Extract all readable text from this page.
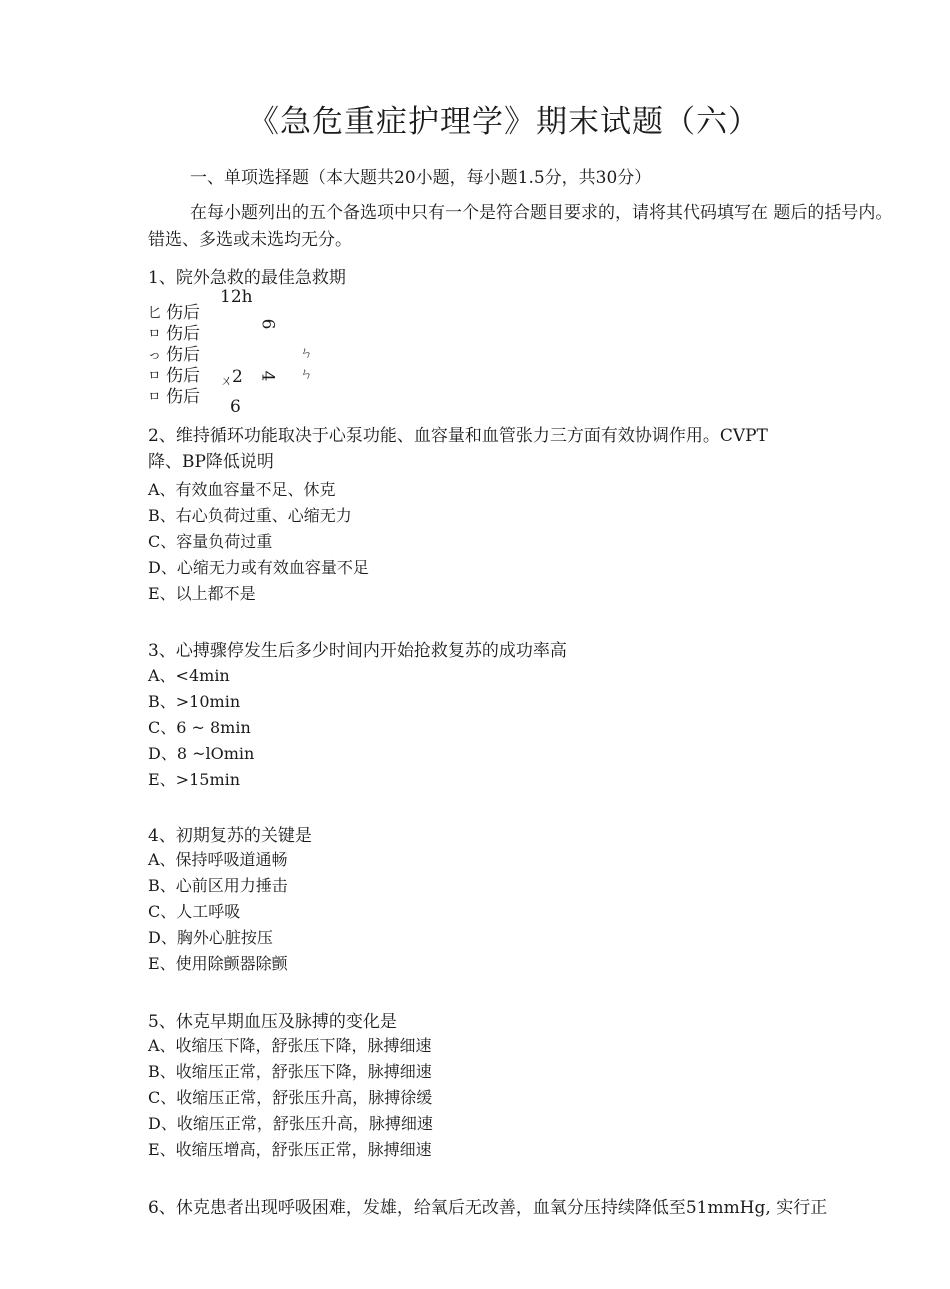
《急危重症护理学》期末试题（六）
一、单项选择题（本大题共20小题，每小题1.5分，共30分）
在每小题列出的五个备选项中只有一个是符合题目要求的，请将其代码填写在 题后的括号内。错选、多选或未选均无分。
1、院外急救的最佳急救期
匕
ㅁ
っ
ㅁ
ㅁ
伤后
伤后
伤后
伤后
伤后
12h
6
ㄣ
ㄣ
ㄨ
2 4
6
2、维持循环功能取决于心泵功能、血容量和血管张力三方面有效协调作用。CVPT
降、BP降低说明
A、有效血容量不足、休克
B、右心负荷过重、心缩无力
C、容量负荷过重
D、心缩无力或有效血容量不足
E、以上都不是
3、心搏骤停发生后多少时间内开始抢救复苏的成功率高
A、<4min
B、>10min
C、6 ~ 8min
D、8 ~lOmin
E、>15min
4、初期复苏的关键是
A、保持呼吸道通畅
B、心前区用力捶击
C、人工呼吸
D、胸外心脏按压
E、使用除颤器除颤
5、休克早期血压及脉搏的变化是
A、收缩压下降，舒张压下降，脉搏细速
B、收缩压正常，舒张压下降，脉搏细速
C、收缩压正常，舒张压升高，脉搏徐缓
D、收缩压正常，舒张压升高，脉搏细速
E、收缩压增高，舒张压正常，脉搏细速
6、休克患者出现呼吸困难，发雄，给氧后无改善，血氧分压持续降低至51mmHg, 实行正
